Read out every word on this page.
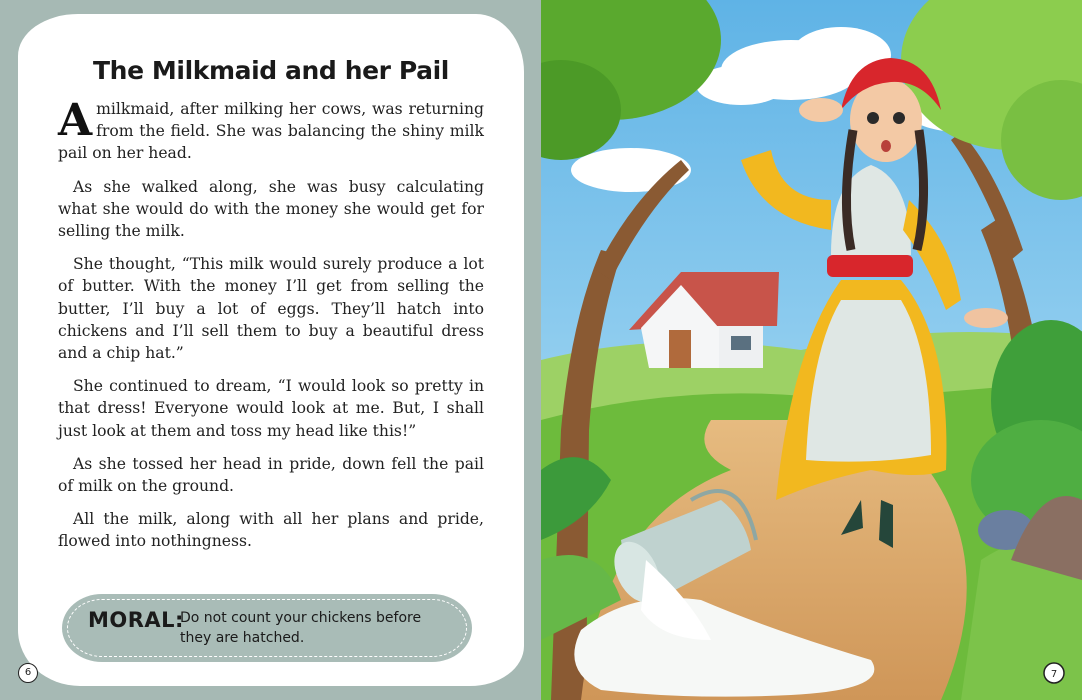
The Milkmaid and her Pail

Amilkmaid, after milking her cows, was returning from the field. She was balancing the shiny milk pail on her head.

As she walked along, she was busy calculating what she would do with the money she would get for selling the milk.

She thought, “This milk would surely produce a lot of butter. With the money I’ll get from selling the butter, I’ll buy a lot of eggs. They’ll hatch into chickens and I’ll sell them to buy a beautiful dress and a chip hat.”

She continued to dream, “I would look so pretty in that dress! Everyone would look at me. But, I shall just look at them and toss my head like this!”

As she tossed her head in pride, down fell the pail of milk on the ground.

All the milk, along with all her plans and pride, flowed into nothingness.

MORAL:
Do not count your chickens before they are hatched.
6	7
